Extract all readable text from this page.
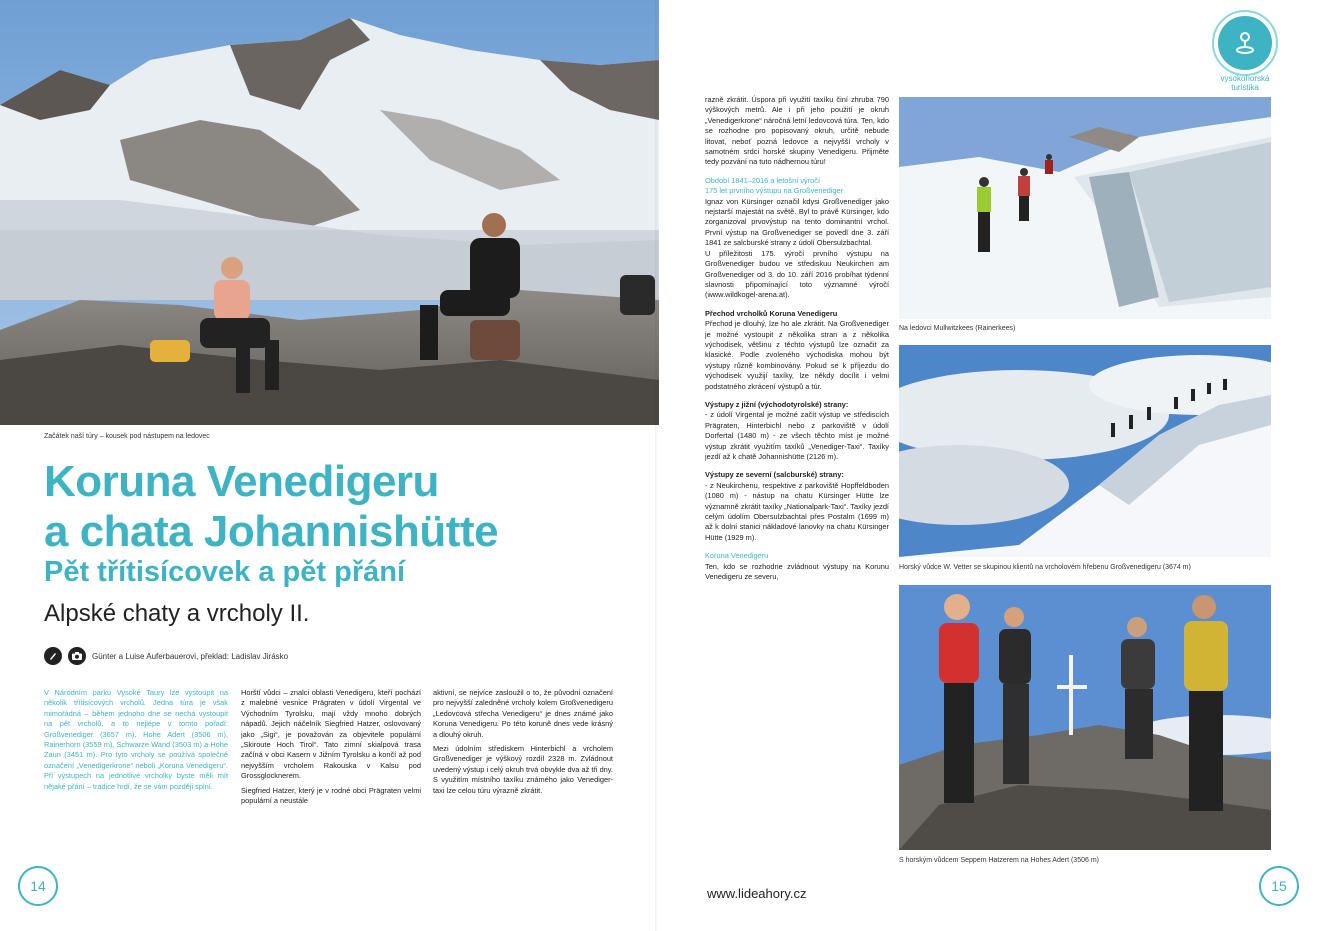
Začátek naší túry – kousek pod nástupem na ledovec
Koruna Venedigeru
a chata Johannishütte
Pět třítisícovek a pět přání
Alpské chaty a vrcholy II.
Günter a Luise Auferbauerovi, překlad: Ladislav Jirásko

V Národním parku Vysoké Taury lze vystoupit na několik třítisícových vrcholů. Jedna túra je však mimořádná – během jednoho dne se nechá vystoupit na pět vrcholů, a to nejlépe v tomto pořadí: Großvenediger (3657 m), Hohe Adert (3506 m), Rainerhorn (3559 m), Schwarze Wand (3503 m) a Hohe Zaun (3451 m). Pro tyto vrcholy se používá společné označení „Venedigerkrone“ neboli „Koruna Venedigeru“. Při výstupech na jednotlivé vrcholky byste měli mít nějaké přání – tradice hrdí, že se vám později splní.

Horští vůdci – znalci oblasti Venedigeru, kteří pochází z malebné vesnice Prägraten v údolí Virgental ve Východním Tyrolsku, mají vždy mnoho dobrých nápadů. Jejich náčelník Siegfried Hatzer, oslovovaný jako „Sigi“, je považován za objevitele populární „Skiroute Hoch Tirol“. Tato zimní skialpová trasa začíná v obci Kasern v Jižním Tyrolsku a končí až pod nejvyšším vrcholem Rakouska v Kalsu pod Grossglocknerem.

Siegfried Hatzer, který je v rodné obci Prägraten velmi populární a neustále

aktivní, se nejvíce zasloužil o to, že původní označení pro nejvyšší zaledněné vrcholy kolem Großvenedigeru „Ledovcová střecha Venedigeru“ je dnes známé jako Koruna Venedigeru. Po této koruně dnes vede krásný a dlouhý okruh.

Mezi údolním střediskem Hinterbichl a vrcholem Großvenediger je výškový rozdíl 2328 m. Zvládnout uvedený výstup i celý okruh trvá obvykle dva až tři dny. S využitím místního taxíku známého jako Venediger-taxi lze celou túru výrazně zkrátit.

14
vysokohorská
turistika

razně zkrátit. Úspora při využití taxíku činí zhruba 790 výškových metrů. Ale i při jeho použití je okruh „Venedigerkrone“ náročná letní ledovcová túra. Ten, kdo se rozhodne pro popisovaný okruh, určitě nebude litovat, neboť pozná ledovce a nejvyšší vrcholy v samotném srdci horské skupiny Venedigeru. Přijměte tedy pozvání na tuto nádhernou túru!

Období 1841–2016 a letošní výročí

175 let prvního výstupu na Großvenediger

Ignaz von Kürsinger označil kdysi Großvenediger jako nejstarší majestát na světě. Byl to právě Kürsinger, kdo zorganizoval prvovýstup na tento dominantní vrchol. První výstup na Großvenediger se povedl dne 3. září 1841 ze salcburské strany z údolí Obersulzbachtal.

U příležitosti 175. výročí prvního výstupu na Großvenediger budou ve střediskuu Neukirchen am Großvenediger od 3. do 10. září 2016 probíhat týdenní slavnosti připomínající toto významné výročí (www.wildkogel-arena.at).

Přechod vrcholků Koruna Venedigeru

Přechod je dlouhý, lze ho ale zkrátit. Na Großvenediger je možné vystoupit z několika stran a z několika východisek, většinu z těchto výstupů lze označit za klasické. Podle zvoleného východiska mohou být výstupy různě kombinovány. Pokud se k příjezdu do východisek využijí taxíky, lze někdy docílit i velmi podstatného zkrácení výstupů a túr.

Výstupy z jižní (východotyrolské) strany:

- z údolí Virgental je možné začít výstup ve střediscích Prägraten, Hinterbichl nebo z parkoviště v údolí Dorfertal (1480 m) - ze všech těchto míst je možné výstup zkrátit využitím taxíků „Venediger-Taxi“. Taxíky jezdí až k chatě Johannishütte (2126 m).

Výstupy ze severní (salcburské) strany:

- z Neukirchenu, respektive z parkoviště Hopffeldboden (1080 m) - nástup na chatu Kürsinger Hütte lze významně zkrátit taxíky „Nationalpark-Taxi“. Taxíky jezdí celým údolím Obersulzbachtal přes Postalm (1699 m) až k dolní stanici nákladové lanovky na chatu Kürsinger Hütte (1929 m).

Koruna Venedigeru

Ten, kdo se rozhodne zvládnout výstupy na Korunu Venedigeru ze severu,

Na ledovci Mullwitzkees (Rainerkees)
Horský vůdce W. Vetter se skupinou klientů na vrcholovém hřebenu Großvenedigeru (3674 m)
S horským vůdcem Seppem Hatzerem na Hohes Adert (3506 m)
www.lideahory.cz	15
